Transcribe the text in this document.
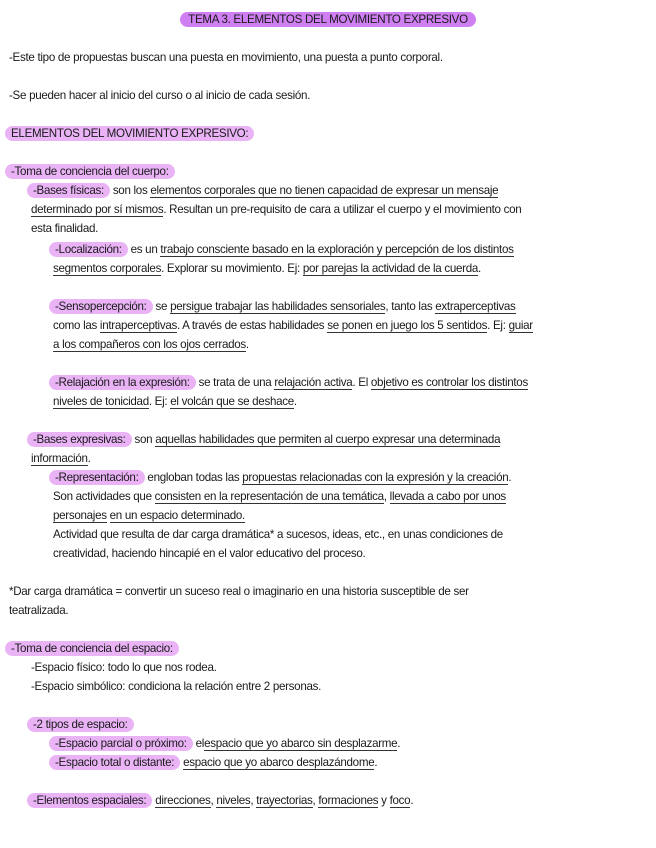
TEMA 3. ELEMENTOS DEL MOVIMIENTO EXPRESIVO
-Este tipo de propuestas buscan una puesta en movimiento, una puesta a punto corporal.
-Se pueden hacer al inicio del curso o al inicio de cada sesión.
ELEMENTOS DEL MOVIMIENTO EXPRESIVO:
-Toma de conciencia del cuerpo:
-Bases físicas: son los elementos corporales que no tienen capacidad de expresar un mensaje
determinado por sí mismos. Resultan un pre-requisito de cara a utilizar el cuerpo y el movimiento con
esta finalidad.
-Localización: es un trabajo consciente basado en la exploración y percepción de los distintos
segmentos corporales. Explorar su movimiento. Ej: por parejas la actividad de la cuerda.
-Sensopercepción: se persigue trabajar las habilidades sensoriales, tanto las extraperceptivas
como las intraperceptivas. A través de estas habilidades se ponen en juego los 5 sentidos. Ej: guiar
a los compañeros con los ojos cerrados.
-Relajación en la expresión: se trata de una relajación activa. El objetivo es controlar los distintos
niveles de tonicidad. Ej: el volcán que se deshace.
-Bases expresivas: son aquellas habilidades que permiten al cuerpo expresar una determinada
información.
-Representación: engloban todas las propuestas relacionadas con la expresión y la creación.
Son actividades que consisten en la representación de una temática, llevada a cabo por unos
personajes en un espacio determinado.
Actividad que resulta de dar carga dramática* a sucesos, ideas, etc., en unas condiciones de
creatividad, haciendo hincapié en el valor educativo del proceso.
*Dar carga dramática = convertir un suceso real o imaginario en una historia susceptible de ser
teatralizada.
-Toma de conciencia del espacio:
-Espacio físico: todo lo que nos rodea.
-Espacio simbólico: condiciona la relación entre 2 personas.
-2 tipos de espacio:
-Espacio parcial o próximo: elespacio que yo abarco sin desplazarme.
-Espacio total o distante: espacio que yo abarco desplazándome.
-Elementos espaciales: direcciones, niveles, trayectorias, formaciones y foco.
